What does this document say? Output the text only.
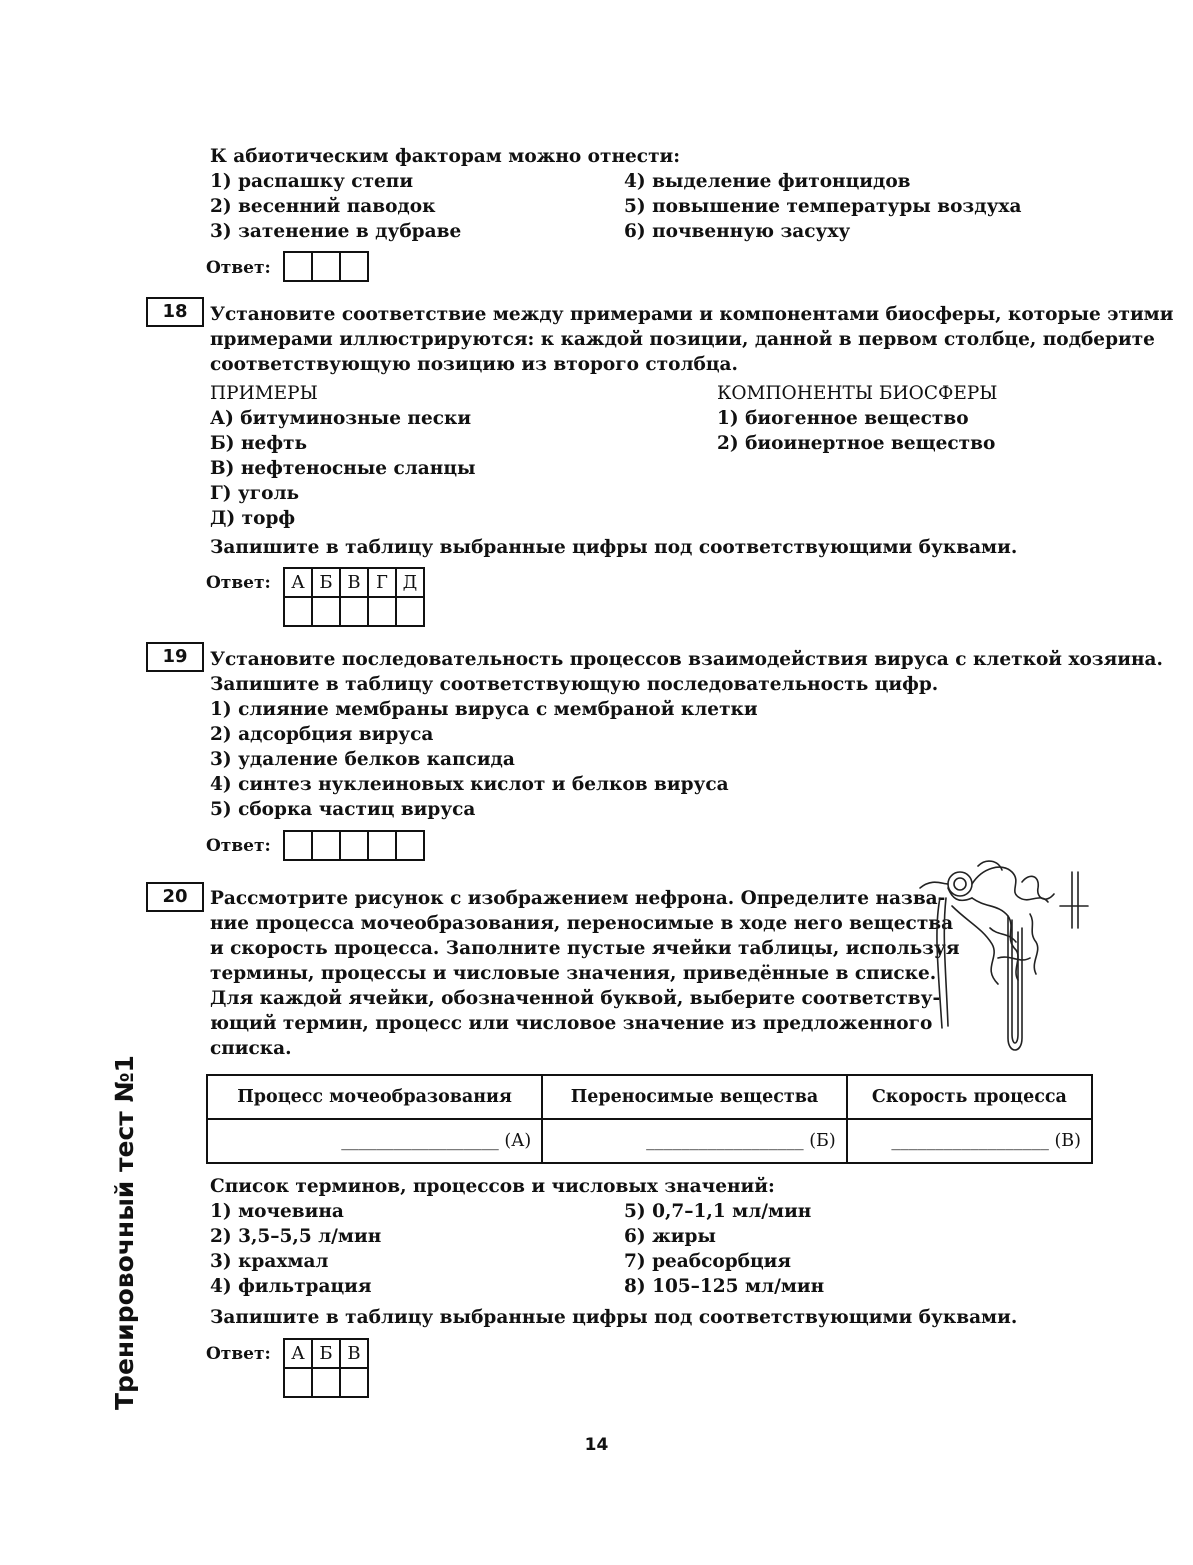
К абиотическим факторам можно отнести:
1) распашку степи
2) весенний паводок
3) затенение в дубраве
4) выделение фитонцидов
5) повышение температуры воздуха
6) почвенную засуху
Ответ:

18	Установите соответствие между примерами и компонентами биосферы, которые этими
примерами иллюстрируются: к каждой позиции, данной в первом столбце, подберите
соответствующую позицию из второго столбца.
ПРИМЕРЫ	КОМПОНЕНТЫ БИОСФЕРЫ
А) битуминозные пески
Б) нефть
В) нефтеносные сланцы
Г) уголь
Д) торф
1) биогенное вещество
2) биоинертное вещество
Запишите в таблицу выбранные цифры под соответствующими буквами.
Ответ: А	Б	В	Г	Д

19	Установите последовательность процессов взаимодействия вируса с клеткой хозяина.
Запишите в таблицу соответствующую последовательность цифр.
1) слияние мембраны вируса с мембраной клетки
2) адсорбция вируса
3) удаление белков капсида
4) синтез нуклеиновых кислот и белков вируса
5) сборка частиц вируса
Ответ:

20	Рассмотрите рисунок с изображением нефрона. Определите назва-
ние процесса мочеобразования, переносимые в ходе него вещества
и скорость процесса. Заполните пустые ячейки таблицы, используя
термины, процессы и числовые значения, приведённые в списке.
Для каждой ячейки, обозначенной буквой, выберите соответству-
ющий термин, процесс или числовое значение из предложенного
списка.
Процесс мочеобразования	Переносимые вещества	Скорость процесса
__________________ (А)	__________________ (Б)	__________________ (В)
Список терминов, процессов и числовых значений:
1) мочевина
2) 3,5–5,5 л/мин
3) крахмал
4) фильтрация
5) 0,7–1,1 мл/мин
6) жиры
7) реабсорбция
8) 105–125 мл/мин
Запишите в таблицу выбранные цифры под соответствующими буквами.
Ответ: А	Б	В

Тренировочный тест №1
14
